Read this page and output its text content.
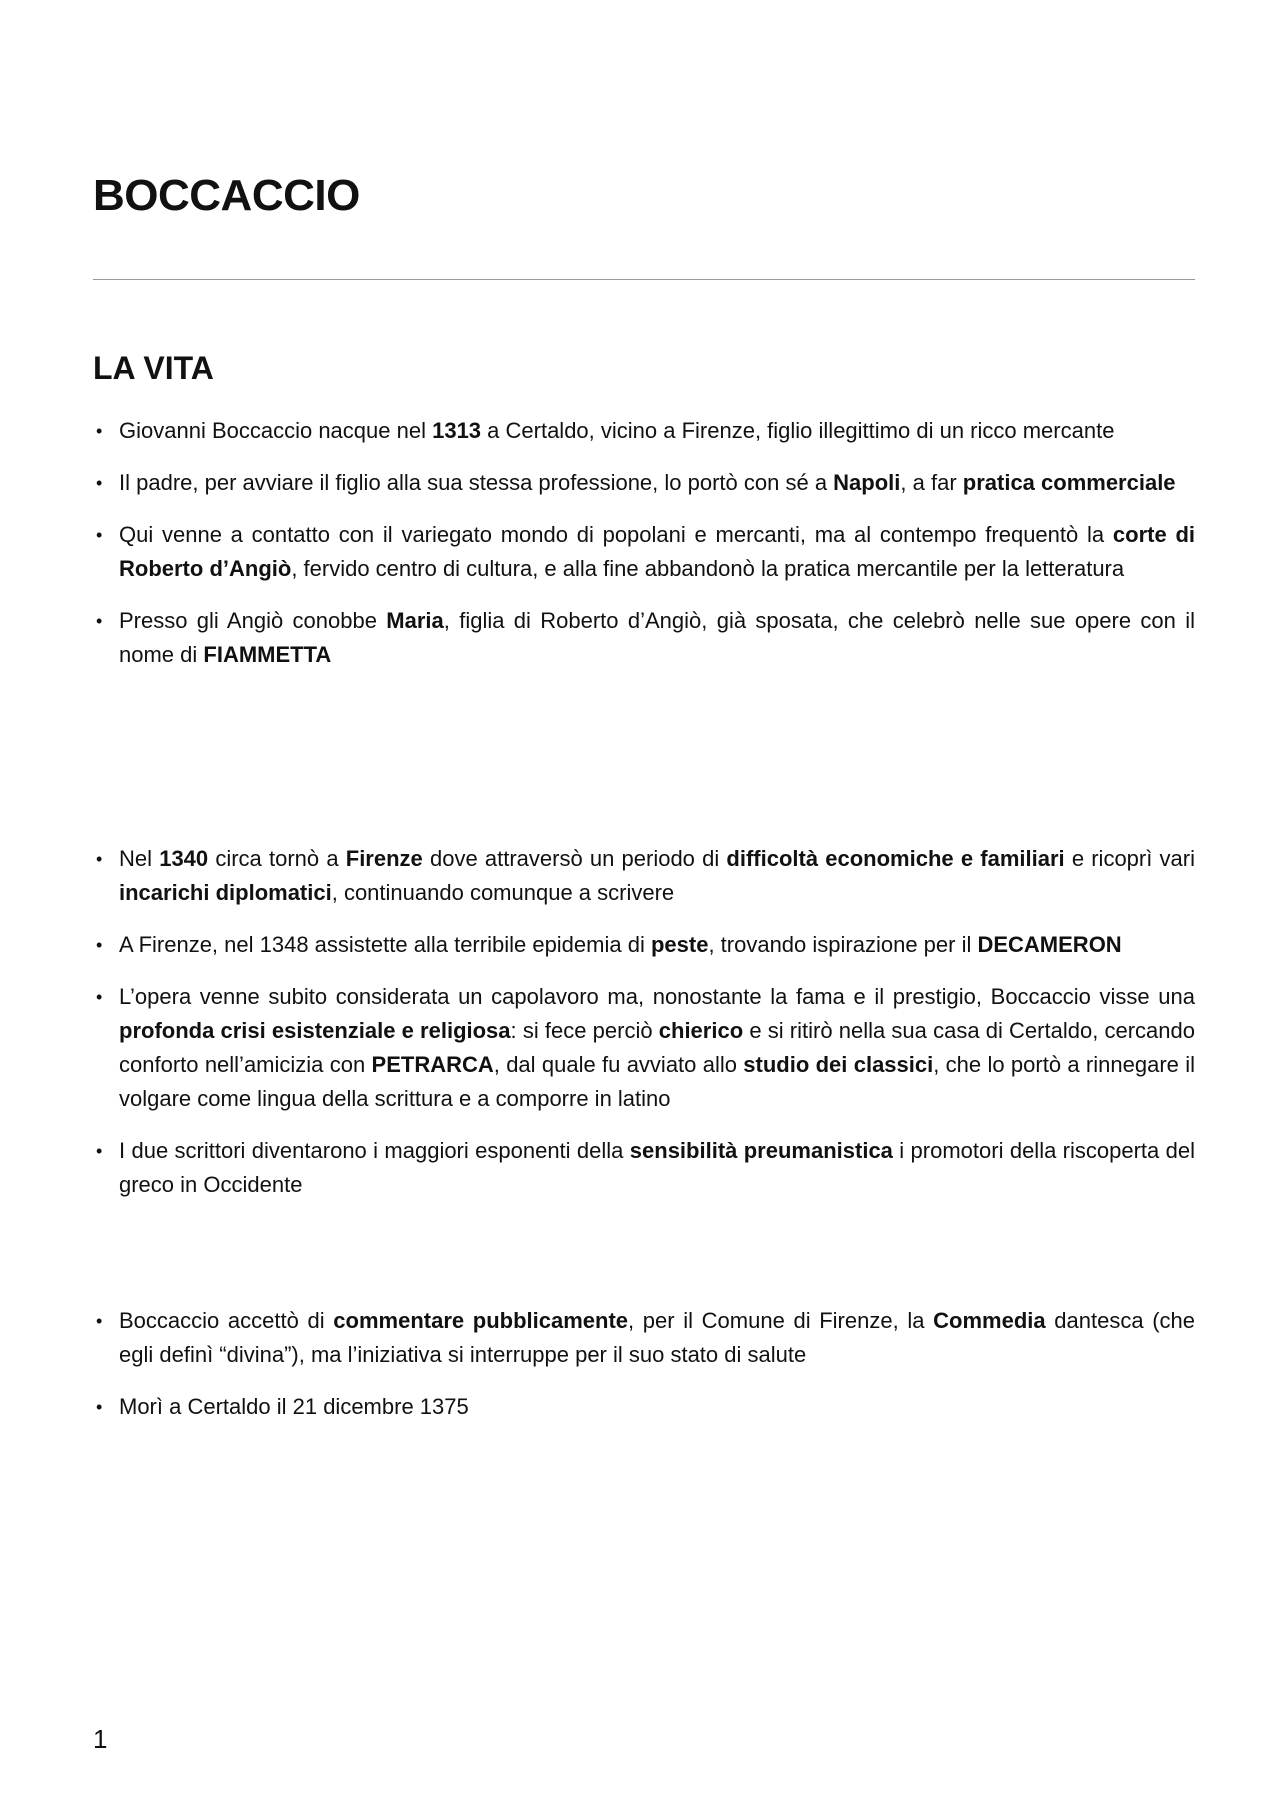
BOCCACCIO
LA VITA
• Giovanni Boccaccio nacque nel 1313 a Certaldo, vicino a Firenze, figlio illegittimo di un ricco mercante
• Il padre, per avviare il figlio alla sua stessa professione, lo portò con sé a Napoli, a far pratica commerciale
• Qui venne a contatto con il variegato mondo di popolani e mercanti, ma al contempo frequentò la corte di Roberto d’Angiò, fervido centro di cultura, e alla fine abbandonò la pratica mercantile per la letteratura
• Presso gli Angiò conobbe Maria, figlia di Roberto d’Angiò, già sposata, che celebrò nelle sue opere con il nome di FIAMMETTA
• Nel 1340 circa tornò a Firenze dove attraversò un periodo di difficoltà economiche e familiari e ricoprì vari incarichi diplomatici, continuando comunque a scrivere
• A Firenze, nel 1348 assistette alla terribile epidemia di peste, trovando ispirazione per il DECAMERON
• L’opera venne subito considerata un capolavoro ma, nonostante la fama e il prestigio, Boccaccio visse una profonda crisi esistenziale e religiosa: si fece perciò chierico e si ritirò nella sua casa di Certaldo, cercando conforto nell’amicizia con PETRARCA, dal quale fu avviato allo studio dei classici, che lo portò a rinnegare il volgare come lingua della scrittura e a comporre in latino
• I due scrittori diventarono i maggiori esponenti della sensibilità preumanistica i promotori della riscoperta del greco in Occidente
• Boccaccio accettò di commentare pubblicamente, per il Comune di Firenze, la Commedia dantesca (che egli definì “divina”), ma l’iniziativa si interruppe per il suo stato di salute
• Morì a Certaldo il 21 dicembre 1375
1
